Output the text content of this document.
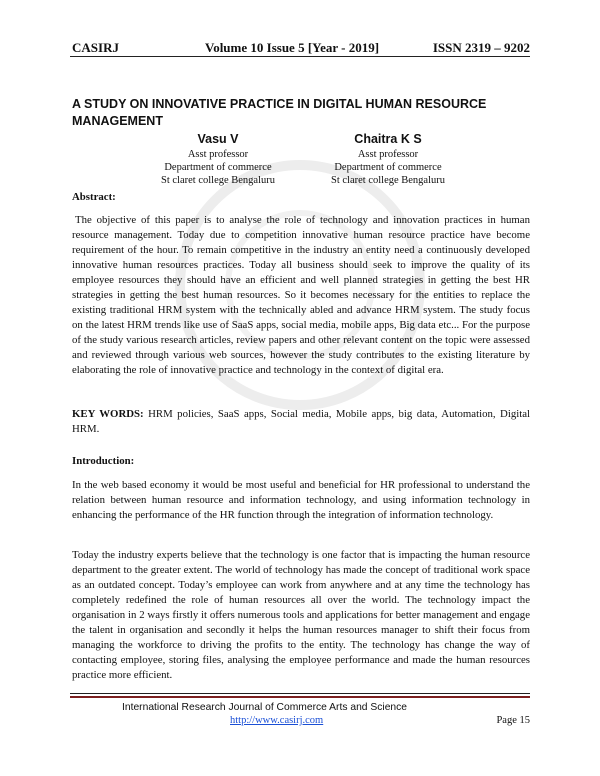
CASIRJ	Volume 10 Issue 5 [Year - 2019]	ISSN 2319 – 9202
A STUDY ON INNOVATIVE PRACTICE IN DIGITAL HUMAN RESOURCE MANAGEMENT
Vasu V
Asst professor
Department of commerce
St claret college Bengaluru
Chaitra K S
Asst professor
Department of commerce
St claret college Bengaluru
Abstract:
The objective of this paper is to analyse the role of technology and innovation practices in human resource management. Today due to competition innovative human resource practice have become requirement of the hour. To remain competitive in the industry an entity need a continuously developed innovative human resources practices. Today all business should seek to improve the quality of its employee resources they should have an efficient and well planned strategies in getting the best HR strategies in getting the best human resources. So it becomes necessary for the entities to replace the existing traditional HRM system with the technically abled and advance HRM system. The study focus on the latest HRM trends like use of SaaS apps, social media, mobile apps, Big data etc... For the purpose of the study various research articles, review papers and other relevant content on the topic were assessed and reviewed through various web sources, however the study contributes to the existing literature by elaborating the role of innovative practice and technology in the context of digital era.
KEY WORDS: HRM policies, SaaS apps, Social media, Mobile apps, big data, Automation, Digital HRM.
Introduction:
In the web based economy it would be most useful and beneficial for HR professional to understand the relation between human resource and information technology, and using information technology in enhancing the performance of the HR function through the integration of information technology.
Today the industry experts believe that the technology is one factor that is impacting the human resource department to the greater extent. The world of technology has made the concept of traditional work space as an outdated concept. Today’s employee can work from anywhere and at any time the technology has completely redefined the role of human resources all over the world. The technology impact the organisation in 2 ways firstly it offers numerous tools and applications for better management and engage the talent in organisation and secondly it helps the human resources manager to shift their focus from managing the workforce to driving the profits to the entity. The technology has change the way of contacting employee, storing files, analysing the employee performance and made the human resources practice more efficient.
International Research Journal of Commerce Arts and Science
http://www.casirj.com	Page 15
